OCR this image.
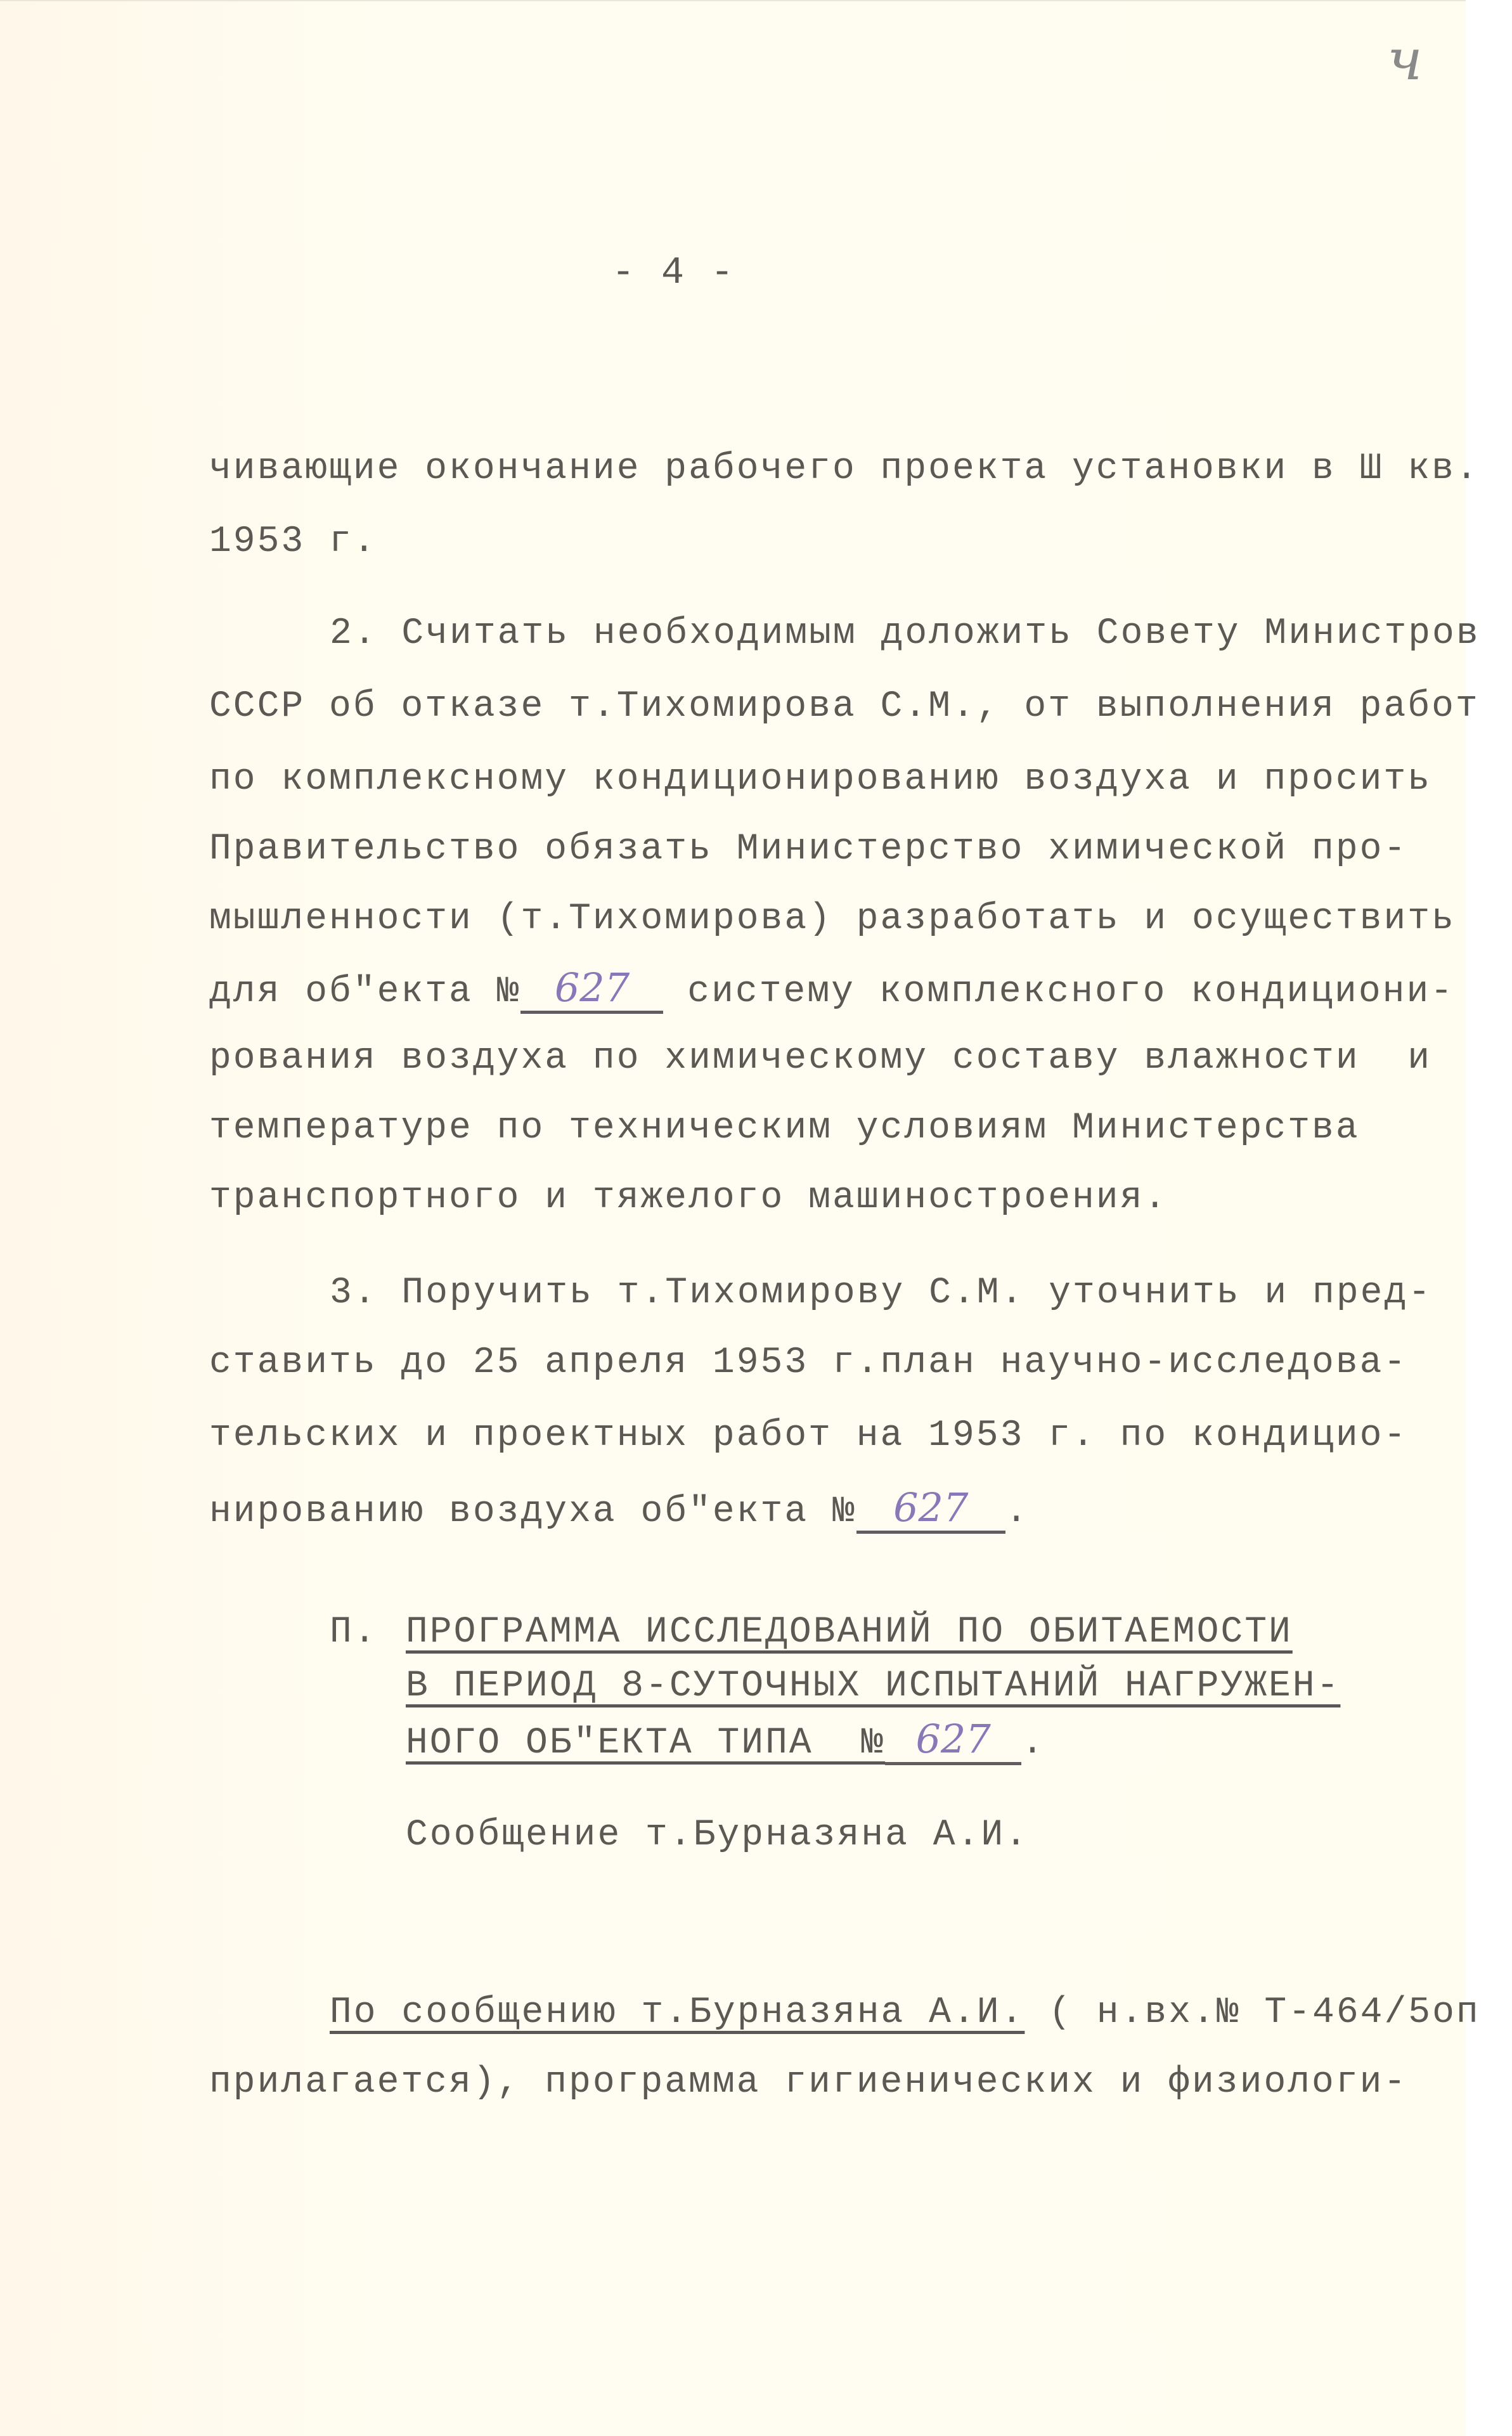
ч
- 4 -
чивающие окончание рабочего проекта установки в Ш кв.
1953 г.
2. Считать необходимым доложить Совету Министров
СССР об отказе т.Тихомирова С.М., от выполнения работ
по комплексному кондиционированию воздуха и просить
Правительство обязать Министерство химической про-
мышленности (т.Тихомирова) разработать и осуществить
для об"екта № 627 систему комплексного кондициони-
рования воздуха по химическому составу влажности  и
температуре по техническим условиям Министерства
транспортного и тяжелого машиностроения.
3. Поручить т.Тихомирову С.М. уточнить и пред-
ставить до 25 апреля 1953 г.план научно-исследова-
тельских и проектных работ на 1953 г. по кондицио-
нированию воздуха об"екта № 627 .
П. ПРОГРАММА ИССЛЕДОВАНИЙ ПО ОБИТАЕМОСТИ
В ПЕРИОД 8-СУТОЧНЫХ ИСПЫТАНИЙ НАГРУЖЕН-
НОГО ОБ"ЕКТА ТИПА  № 627 .
Сообщение т.Бурназяна А.И.
По сообщению т.Бурназяна А.И. ( н.вх.№ Т-464/5оп
прилагается), программа гигиенических и физиологи-
